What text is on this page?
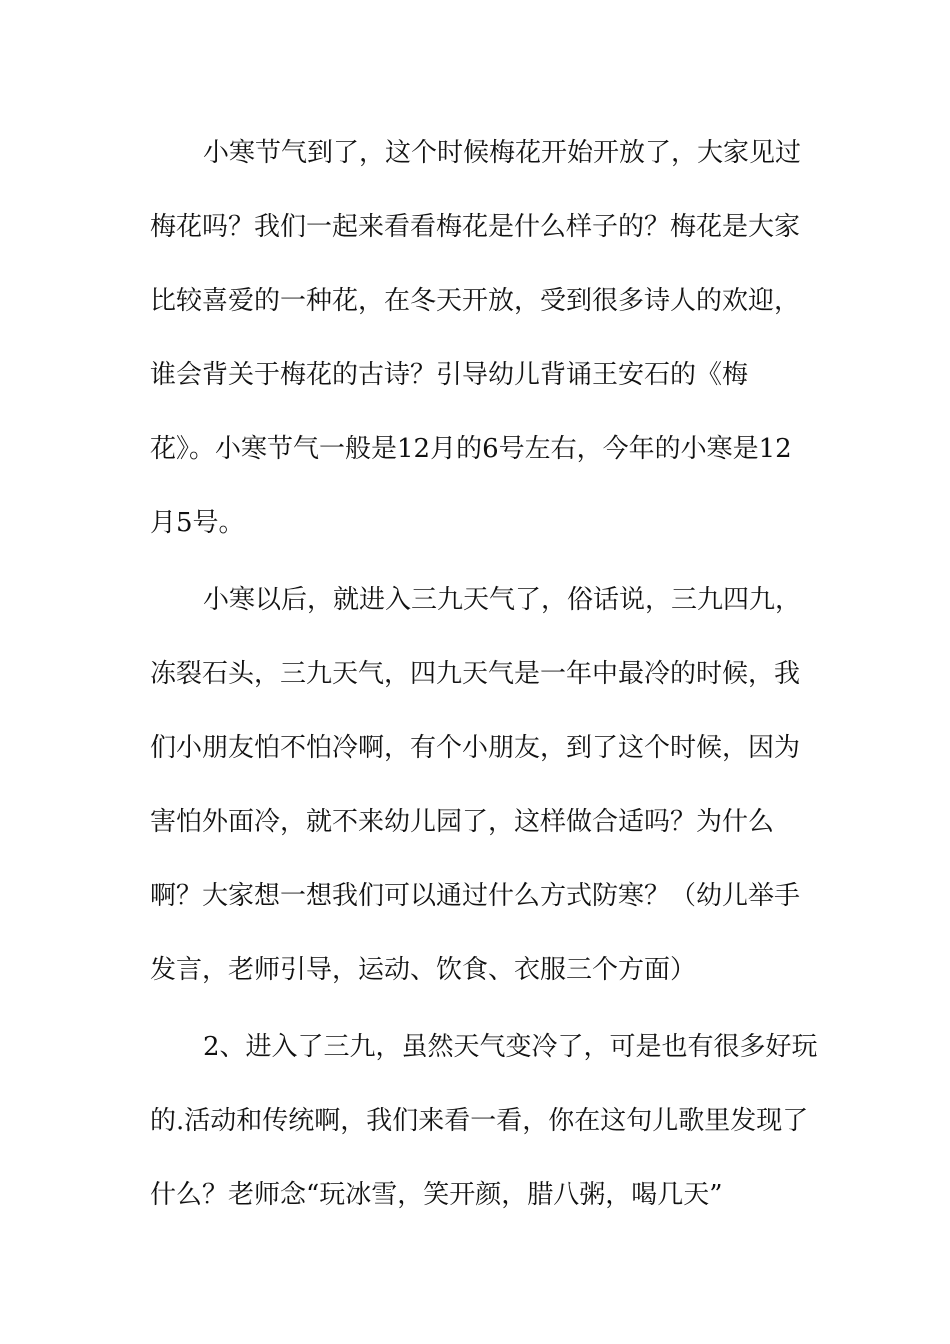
小寒节气到了，这个时候梅花开始开放了，大家见过
梅花吗？我们一起来看看梅花是什么样子的？梅花是大家
比较喜爱的一种花，在冬天开放，受到很多诗人的欢迎，
谁会背关于梅花的古诗？引导幼儿背诵王安石的《梅
花》。小寒节气一般是12月的6号左右，今年的小寒是12
月5号。
小寒以后，就进入三九天气了，俗话说，三九四九，
冻裂石头，三九天气，四九天气是一年中最冷的时候，我
们小朋友怕不怕冷啊，有个小朋友，到了这个时候，因为
害怕外面冷，就不来幼儿园了，这样做合适吗？为什么
啊？大家想一想我们可以通过什么方式防寒？（幼儿举手
发言，老师引导，运动、饮食、衣服三个方面）
2、进入了三九，虽然天气变冷了，可是也有很多好玩
的.活动和传统啊，我们来看一看，你在这句儿歌里发现了
什么？老师念“玩冰雪，笑开颜，腊八粥，喝几天”
